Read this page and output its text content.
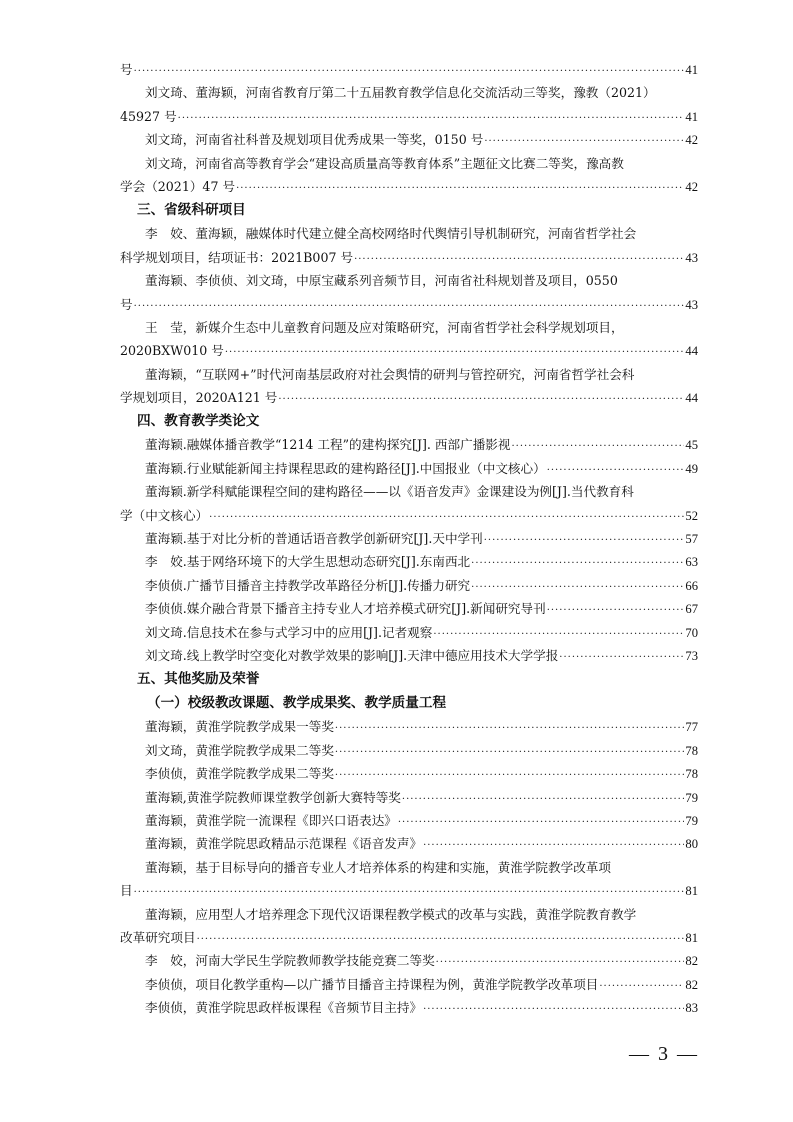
号 ·····	41
刘文琦、董海颖，河南省教育厅第二十五届教育教学信息化交流活动三等奖，豫教（2021）
45927 号 ·····	41
刘文琦，河南省社科普及规划项目优秀成果一等奖，0150 号 ·····	42
刘文琦，河南省高等教育学会“建设高质量高等教育体系”主题征文比赛二等奖，豫高教
学会（2021）47 号 ·····	42
三、省级科研项目
李　姣、董海颖，融媒体时代建立健全高校网络时代舆情引导机制研究，河南省哲学社会
科学规划项目，结项证书：2021B007 号 ·····	43
董海颖、李侦侦、刘文琦，中原宝藏系列音频节目，河南省社科规划普及项目，0550
号 ·····	43
王　莹，新媒介生态中儿童教育问题及应对策略研究，河南省哲学社会科学规划项目，
2020BXW010 号 ·····	44
董海颖，“互联网+”时代河南基层政府对社会舆情的研判与管控研究，河南省哲学社会科
学规划项目，2020A121 号 ·····	44
四、教育教学类论文
董海颖.融媒体播音教学“1214 工程”的建构探究[J]. 西部广播影视 ·····	45
董海颖.行业赋能新闻主持课程思政的建构路径[J].中国报业（中文核心） ·····	49
董海颖.新学科赋能课程空间的建构路径——以《语音发声》金课建设为例[J].当代教育科
学（中文核心） ·····	52
董海颖.基于对比分析的普通话语音教学创新研究[J].天中学刊 ·····	57
李　姣.基于网络环境下的大学生思想动态研究[J].东南西北 ·····	63
李侦侦.广播节目播音主持教学改革路径分析[J].传播力研究 ·····	66
李侦侦.媒介融合背景下播音主持专业人才培养模式研究[J].新闻研究导刊 ·····	67
刘文琦.信息技术在参与式学习中的应用[J].记者观察 ·····	70
刘文琦.线上教学时空变化对教学效果的影响[J].天津中德应用技术大学学报 ·····	73
五、其他奖励及荣誉
（一）校级教改课题、教学成果奖、教学质量工程
董海颖，黄淮学院教学成果一等奖 ·····	77
刘文琦，黄淮学院教学成果二等奖 ·····	78
李侦侦，黄淮学院教学成果二等奖 ·····	78
董海颖,黄淮学院教师课堂教学创新大赛特等奖 ·····	79
董海颖，黄淮学院一流课程《即兴口语表达》 ·····	79
董海颖，黄淮学院思政精品示范课程《语音发声》 ·····	80
董海颖，基于目标导向的播音专业人才培养体系的构建和实施，黄淮学院教学改革项
目 ·····	81
董海颖，应用型人才培养理念下现代汉语课程教学模式的改革与实践，黄淮学院教育教学
改革研究项目 ·····	81
李　姣，河南大学民生学院教师教学技能竞赛二等奖 ·····	82
李侦侦，项目化教学重构—以广播节目播音主持课程为例，黄淮学院教学改革项目 ·····	82
李侦侦，黄淮学院思政样板课程《音频节目主持》 ·····	83
— 3 —
